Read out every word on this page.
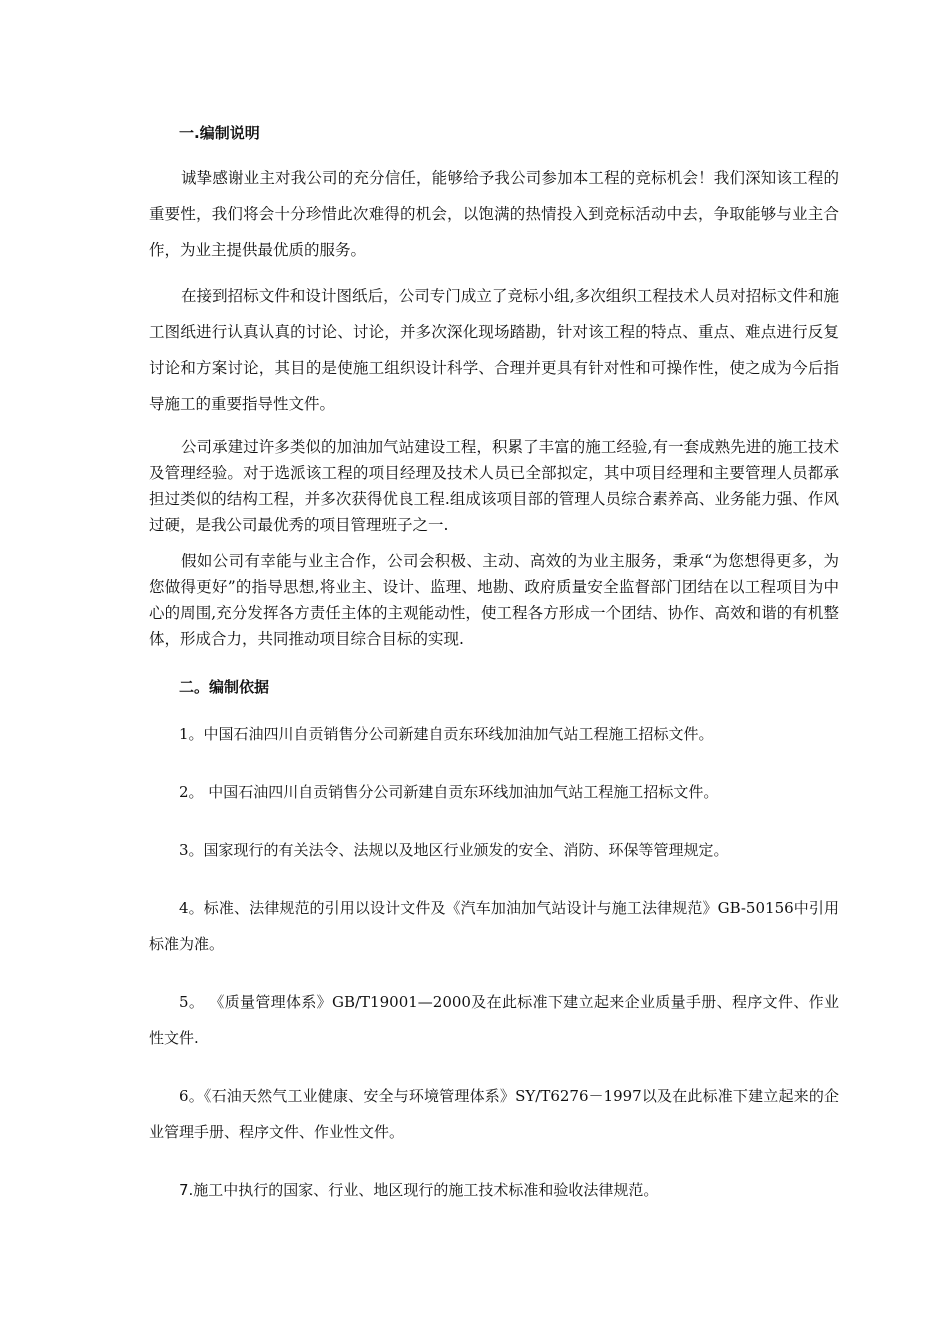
一.编制说明

诚挚感谢业主对我公司的充分信任，能够给予我公司参加本工程的竞标机会！我们深知该工程的重要性，我们将会十分珍惜此次难得的机会，以饱满的热情投入到竞标活动中去，争取能够与业主合作，为业主提供最优质的服务。

在接到招标文件和设计图纸后，公司专门成立了竞标小组,多次组织工程技术人员对招标文件和施工图纸进行认真认真的讨论、讨论，并多次深化现场踏勘，针对该工程的特点、重点、难点进行反复讨论和方案讨论，其目的是使施工组织设计科学、合理并更具有针对性和可操作性，使之成为今后指导施工的重要指导性文件。

公司承建过许多类似的加油加气站建设工程，积累了丰富的施工经验,有一套成熟先进的施工技术及管理经验。对于选派该工程的项目经理及技术人员已全部拟定，其中项目经理和主要管理人员都承担过类似的结构工程，并多次获得优良工程.组成该项目部的管理人员综合素养高、业务能力强、作风过硬，是我公司最优秀的项目管理班子之一.

假如公司有幸能与业主合作，公司会积极、主动、高效的为业主服务，秉承“为您想得更多，为您做得更好”的指导思想,将业主、设计、监理、地勘、政府质量安全监督部门团结在以工程项目为中心的周围,充分发挥各方责任主体的主观能动性，使工程各方形成一个团结、协作、高效和谐的有机整体，形成合力，共同推动项目综合目标的实现.

二。编制依据

1。中国石油四川自贡销售分公司新建自贡东环线加油加气站工程施工招标文件。

2。 中国石油四川自贡销售分公司新建自贡东环线加油加气站工程施工招标文件。

3。国家现行的有关法令、法规以及地区行业颁发的安全、消防、环保等管理规定。

4。标准、法律规范的引用以设计文件及《汽车加油加气站设计与施工法律规范》GB-50156中引用标准为准。

5。 《质量管理体系》GB/T19001—2000及在此标准下建立起来企业质量手册、程序文件、作业性文件.

6。《石油天然气工业健康、安全与环境管理体系》SY/T6276－1997以及在此标准下建立起来的企业管理手册、程序文件、作业性文件。

7.施工中执行的国家、行业、地区现行的施工技术标准和验收法律规范。
